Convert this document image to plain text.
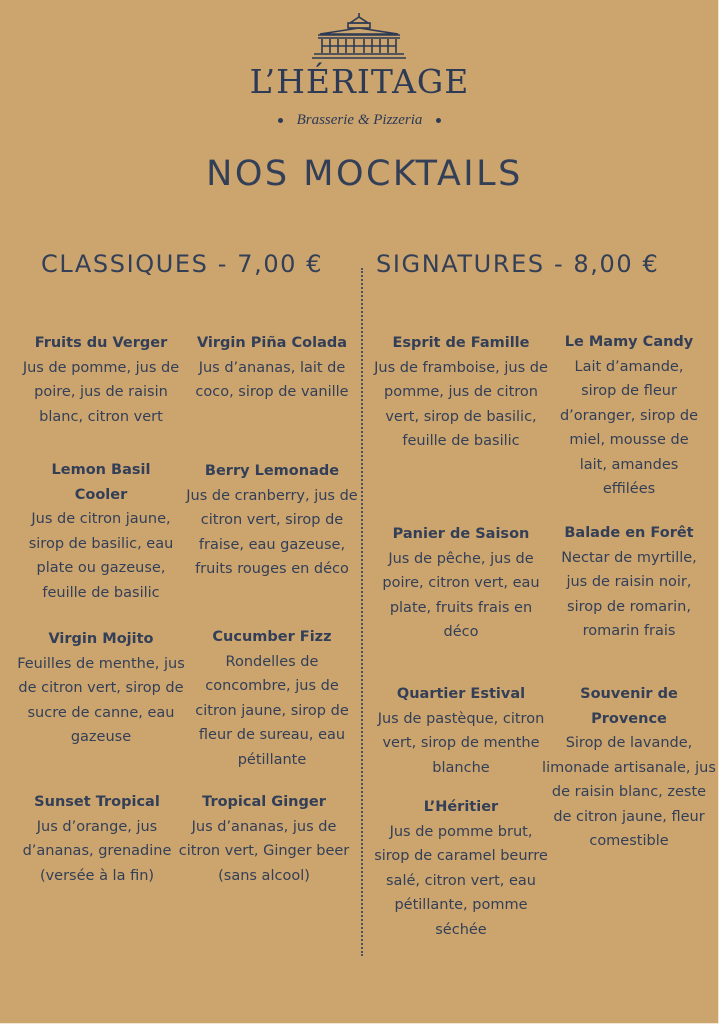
L’HÉRITAGE
Brasserie & Pizzeria
NOS MOCKTAILS
CLASSIQUES - 7,00 € SIGNATURES - 8,00 €
Fruits du Verger
Jus de pomme, jus de poire, jus de raisin blanc, citron vert
Virgin Piña Colada
Jus d’ananas, lait de coco, sirop de vanille
Lemon Basil Cooler
Jus de citron jaune, sirop de basilic, eau plate ou gazeuse, feuille de basilic
Berry Lemonade
Jus de cranberry, jus de citron vert, sirop de fraise, eau gazeuse, fruits rouges en déco
Virgin Mojito
Feuilles de menthe, jus de citron vert, sirop de sucre de canne, eau gazeuse
Cucumber Fizz
Rondelles de concombre, jus de citron jaune, sirop de fleur de sureau, eau pétillante
Sunset Tropical
Jus d’orange, jus d’ananas, grenadine (versée à la fin)
Tropical Ginger
Jus d’ananas, jus de citron vert, Ginger beer (sans alcool)
Esprit de Famille
Jus de framboise, jus de pomme, jus de citron vert, sirop de basilic, feuille de basilic
Le Mamy Candy
Lait d’amande, sirop de fleur d’oranger, sirop de miel, mousse de lait, amandes effilées
Panier de Saison
Jus de pêche, jus de poire, citron vert, eau plate, fruits frais en déco
Balade en Forêt
Nectar de myrtille, jus de raisin noir, sirop de romarin, romarin frais
Quartier Estival
Jus de pastèque, citron vert, sirop de menthe blanche
Souvenir de Provence
Sirop de lavande, limonade artisanale, jus de raisin blanc, zeste de citron jaune, fleur comestible
L’Héritier
Jus de pomme brut, sirop de caramel beurre salé, citron vert, eau pétillante, pomme séchée
